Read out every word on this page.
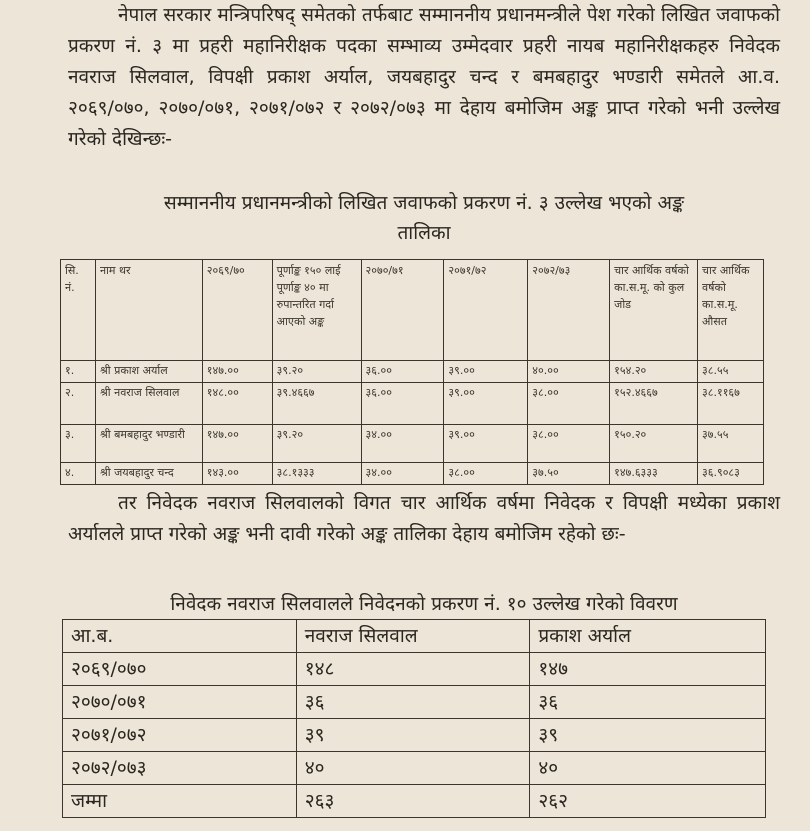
नेपाल सरकार मन्त्रिपरिषद् समेतको तर्फबाट सम्माननीय प्रधानमन्त्रीले पेश गरेको लिखित जवाफको प्रकरण नं. ३ मा प्रहरी महानिरीक्षक पदका सम्भाव्य उम्मेदवार प्रहरी नायब महानिरीक्षकहरु निवेदक नवराज सिलवाल, विपक्षी प्रकाश अर्याल, जयबहादुर चन्द र बमबहादुर भण्डारी समेतले आ.व. २०६९/०७०, २०७०/०७१, २०७१/०७२ र २०७२/०७३ मा देहाय बमोजिम अङ्क प्राप्त गरेको भनी उल्लेख गरेको देखिन्छः-

सम्माननीय प्रधानमन्त्रीको लिखित जवाफको प्रकरण नं. ३ उल्लेख भएको अङ्क
तालिका
सि. नं.	नाम थर	२०६९/७०	पूर्णाङ्क १५० लाई पूर्णाङ्क ४० मा रुपान्तरित गर्दा आएको अङ्क	२०७०/७१	२०७१/७२	२०७२/७३	चार आर्थिक वर्षको का.स.मू. को कुल जोड	चार आर्थिक वर्षको का.स.मू. औसत
१.	श्री प्रकाश अर्याल	१४७.००	३९.२०	३६.००	३९.००	४०.००	१५४.२०	३८.५५
२.	श्री नवराज सिलवाल	१४८.००	३९.४६६७	३६.००	३९.००	३८.००	१५२.४६६७	३८.११६७
३.	श्री बमबहादुर भण्डारी	१४७.००	३९.२०	३४.००	३९.००	३८.००	१५०.२०	३७.५५
४.	श्री जयबहादुर चन्द	१४३.००	३८.१३३३	३४.००	३८.००	३७.५०	१४७.६३३३	३६.९०८३

तर निवेदक नवराज सिलवालको विगत चार आर्थिक वर्षमा निवेदक र विपक्षी मध्येका प्रकाश अर्यालले प्राप्त गरेको अङ्क भनी दावी गरेको अङ्क तालिका देहाय बमोजिम रहेको छः-

निवेदक नवराज सिलवालले निवेदनको प्रकरण नं. १० उल्लेख गरेको विवरण
आ.ब.	नवराज सिलवाल	प्रकाश अर्याल
२०६९/०७०	१४८	१४७
२०७०/०७१	३६	३६
२०७१/०७२	३९	३९
२०७२/०७३	४०	४०
जम्मा	२६३	२६२
